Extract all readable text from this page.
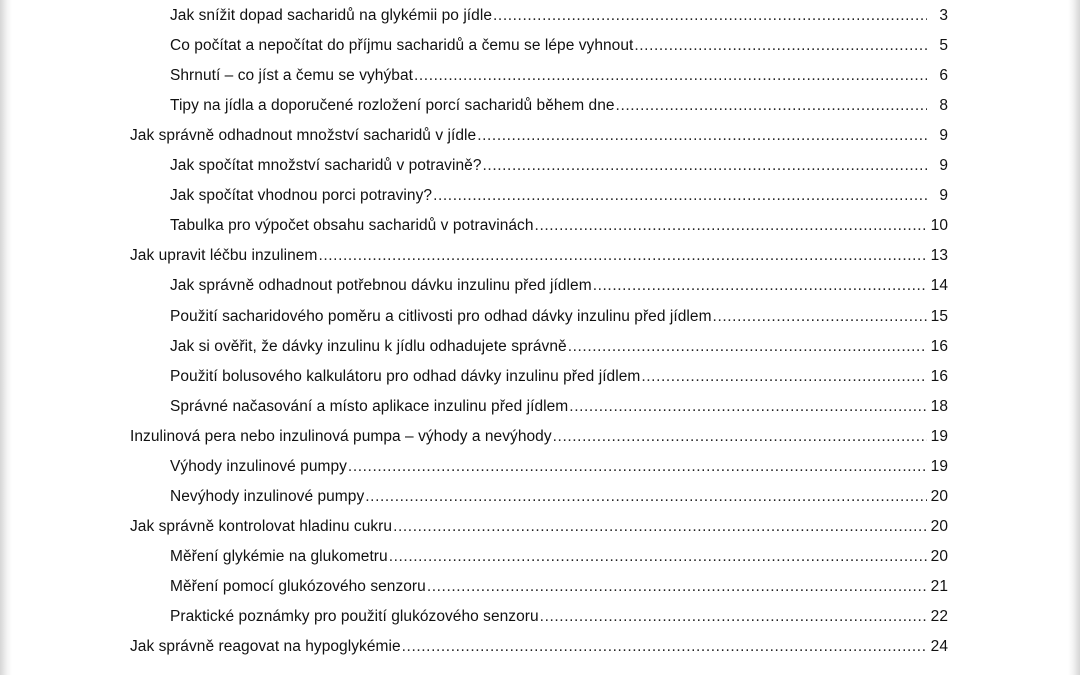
Jak snížit dopad sacharidů na glykémii po jídle .....	3
Co počítat a nepočítat do příjmu sacharidů a čemu se lépe vyhnout .....	5
Shrnutí – co jíst a čemu se vyhýbat .....	6
Tipy na jídla a doporučené rozložení porcí sacharidů během dne .....	8
Jak správně odhadnout množství sacharidů v jídle .....	9
Jak spočítat množství sacharidů v potravině? .....	9
Jak spočítat vhodnou porci potraviny? .....	9
Tabulka pro výpočet obsahu sacharidů v potravinách .....	10
Jak upravit léčbu inzulinem .....	13
Jak správně odhadnout potřebnou dávku inzulinu před jídlem .....	14
Použití sacharidového poměru a citlivosti pro odhad dávky inzulinu před jídlem .....	15
Jak si ověřit, že dávky inzulinu k jídlu odhadujete správně .....	16
Použití bolusového kalkulátoru pro odhad dávky inzulinu před jídlem .....	16
Správné načasování a místo aplikace inzulinu před jídlem .....	18
Inzulinová pera nebo inzulinová pumpa – výhody a nevýhody .....	19
Výhody inzulinové pumpy .....	19
Nevýhody inzulinové pumpy .....	20
Jak správně kontrolovat hladinu cukru .....	20
Měření glykémie na glukometru .....	20
Měření pomocí glukózového senzoru .....	21
Praktické poznámky pro použití glukózového senzoru .....	22
Jak správně reagovat na hypoglykémie .....	24
